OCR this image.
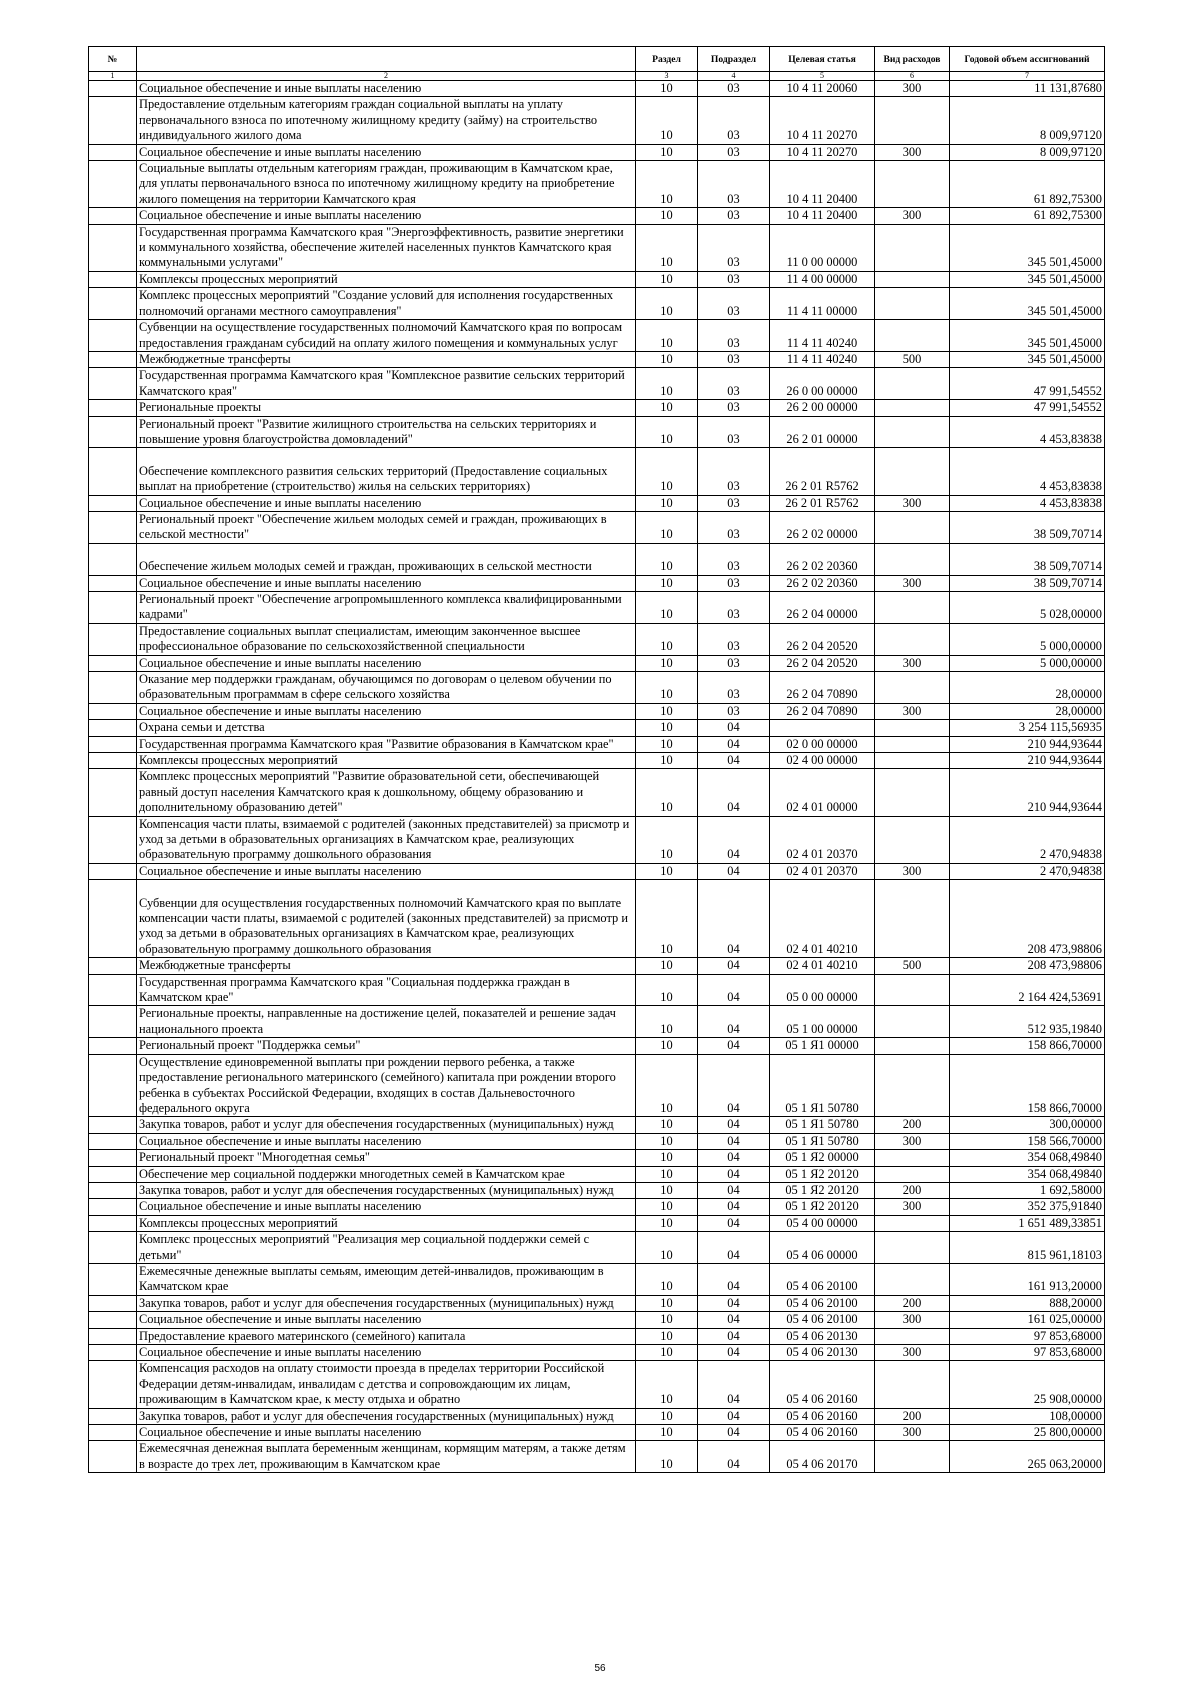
№		Раздел	Подраздел	Целевая статья	Вид расходов	Годовой объем ассигнований
1	2	3	4	5	6	7
	Социальное обеспечение и иные выплаты населению	10	03	10 4 11 20060	300	11 131,87680
	Предоставление отдельным категориям граждан социальной выплаты на уплату первоначального взноса по ипотечному жилищному кредиту (займу) на строительство индивидуального жилого дома	10	03	10 4 11 20270		8 009,97120
	Социальное обеспечение и иные выплаты населению	10	03	10 4 11 20270	300	8 009,97120
	Социальные выплаты отдельным категориям граждан, проживающим в Камчатском крае, для уплаты первоначального взноса по ипотечному жилищному кредиту на приобретение жилого помещения на территории Камчатского края	10	03	10 4 11 20400		61 892,75300
	Социальное обеспечение и иные выплаты населению	10	03	10 4 11 20400	300	61 892,75300
	Государственная программа Камчатского края "Энергоэффективность, развитие энергетики и коммунального хозяйства, обеспечение жителей населенных пунктов Камчатского края коммунальными услугами"	10	03	11 0 00 00000		345 501,45000
	Комплексы процессных мероприятий	10	03	11 4 00 00000		345 501,45000
	Комплекс процессных мероприятий "Создание условий для исполнения государственных полномочий органами местного самоуправления"	10	03	11 4 11 00000		345 501,45000
	Субвенции на осуществление государственных полномочий Камчатского края по вопросам предоставления гражданам субсидий на оплату жилого помещения и коммунальных услуг	10	03	11 4 11 40240		345 501,45000
	Межбюджетные трансферты	10	03	11 4 11 40240	500	345 501,45000
	Государственная программа Камчатского края "Комплексное развитие сельских территорий Камчатского края"	10	03	26 0 00 00000		47 991,54552
	Региональные проекты	10	03	26 2 00 00000		47 991,54552
	Региональный проект "Развитие жилищного строительства на сельских территориях и повышение уровня благоустройства домовладений"	10	03	26 2 01 00000		4 453,83838
	Обеспечение комплексного развития сельских территорий (Предоставление социальных выплат на приобретение (строительство) жилья на сельских территориях)	10	03	26 2 01 R5762		4 453,83838
	Социальное обеспечение и иные выплаты населению	10	03	26 2 01 R5762	300	4 453,83838
	Региональный проект "Обеспечение жильем молодых семей и граждан, проживающих в сельской местности"	10	03	26 2 02 00000		38 509,70714
	Обеспечение жильем молодых семей и граждан, проживающих в сельской местности	10	03	26 2 02 20360		38 509,70714
	Социальное обеспечение и иные выплаты населению	10	03	26 2 02 20360	300	38 509,70714
	Региональный проект "Обеспечение агропромышленного комплекса квалифицированными кадрами"	10	03	26 2 04 00000		5 028,00000
	Предоставление социальных выплат специалистам, имеющим законченное высшее профессиональное образование по сельскохозяйственной специальности	10	03	26 2 04 20520		5 000,00000
	Социальное обеспечение и иные выплаты населению	10	03	26 2 04 20520	300	5 000,00000
	Оказание мер поддержки гражданам, обучающимся по договорам о целевом обучении по образовательным программам в сфере сельского хозяйства	10	03	26 2 04 70890		28,00000
	Социальное обеспечение и иные выплаты населению	10	03	26 2 04 70890	300	28,00000
	Охрана семьи и детства	10	04			3 254 115,56935
	Государственная программа Камчатского края "Развитие образования в Камчатском крае"	10	04	02 0 00 00000		210 944,93644
	Комплексы процессных мероприятий	10	04	02 4 00 00000		210 944,93644
	Комплекс процессных мероприятий "Развитие образовательной сети, обеспечивающей равный доступ населения Камчатского края к дошкольному, общему образованию и дополнительному образованию детей"	10	04	02 4 01 00000		210 944,93644
	Компенсация части платы, взимаемой с родителей (законных представителей) за присмотр и уход за детьми в образовательных организациях в Камчатском крае, реализующих образовательную программу дошкольного образования	10	04	02 4 01 20370		2 470,94838
	Социальное обеспечение и иные выплаты населению	10	04	02 4 01 20370	300	2 470,94838
	Субвенции для осуществления государственных полномочий Камчатского края по выплате компенсации части платы, взимаемой с родителей (законных представителей) за присмотр и уход за детьми в образовательных организациях в Камчатском крае, реализующих образовательную программу дошкольного образования	10	04	02 4 01 40210		208 473,98806
	Межбюджетные трансферты	10	04	02 4 01 40210	500	208 473,98806
	Государственная программа Камчатского края "Социальная поддержка граждан в Камчатском крае"	10	04	05 0 00 00000		2 164 424,53691
	Региональные проекты, направленные на достижение целей, показателей и решение задач национального проекта	10	04	05 1 00 00000		512 935,19840
	Региональный проект "Поддержка семьи"	10	04	05 1 Я1 00000		158 866,70000
	Осуществление единовременной выплаты при рождении первого ребенка, а также предоставление регионального материнского (семейного) капитала при рождении второго ребенка в субъектах Российской Федерации, входящих в состав Дальневосточного федерального округа	10	04	05 1 Я1 50780		158 866,70000
	Закупка товаров, работ и услуг для обеспечения государственных (муниципальных) нужд	10	04	05 1 Я1 50780	200	300,00000
	Социальное обеспечение и иные выплаты населению	10	04	05 1 Я1 50780	300	158 566,70000
	Региональный проект "Многодетная семья"	10	04	05 1 Я2 00000		354 068,49840
	Обеспечение мер социальной поддержки многодетных семей в Камчатском крае	10	04	05 1 Я2 20120		354 068,49840
	Закупка товаров, работ и услуг для обеспечения государственных (муниципальных) нужд	10	04	05 1 Я2 20120	200	1 692,58000
	Социальное обеспечение и иные выплаты населению	10	04	05 1 Я2 20120	300	352 375,91840
	Комплексы процессных мероприятий	10	04	05 4 00 00000		1 651 489,33851
	Комплекс процессных мероприятий "Реализация мер социальной поддержки семей с детьми"	10	04	05 4 06 00000		815 961,18103
	Ежемесячные денежные выплаты семьям, имеющим детей-инвалидов, проживающим в Камчатском крае	10	04	05 4 06 20100		161 913,20000
	Закупка товаров, работ и услуг для обеспечения государственных (муниципальных) нужд	10	04	05 4 06 20100	200	888,20000
	Социальное обеспечение и иные выплаты населению	10	04	05 4 06 20100	300	161 025,00000
	Предоставление краевого материнского (семейного) капитала	10	04	05 4 06 20130		97 853,68000
	Социальное обеспечение и иные выплаты населению	10	04	05 4 06 20130	300	97 853,68000
	Компенсация расходов на оплату стоимости проезда в пределах территории Российской Федерации детям-инвалидам, инвалидам с детства и сопровождающим их лицам, проживающим в Камчатском крае, к месту отдыха и обратно	10	04	05 4 06 20160		25 908,00000
	Закупка товаров, работ и услуг для обеспечения государственных (муниципальных) нужд	10	04	05 4 06 20160	200	108,00000
	Социальное обеспечение и иные выплаты населению	10	04	05 4 06 20160	300	25 800,00000
	Ежемесячная денежная выплата беременным женщинам, кормящим матерям, а также детям в возрасте до трех лет, проживающим в Камчатском крае	10	04	05 4 06 20170		265 063,20000
56
